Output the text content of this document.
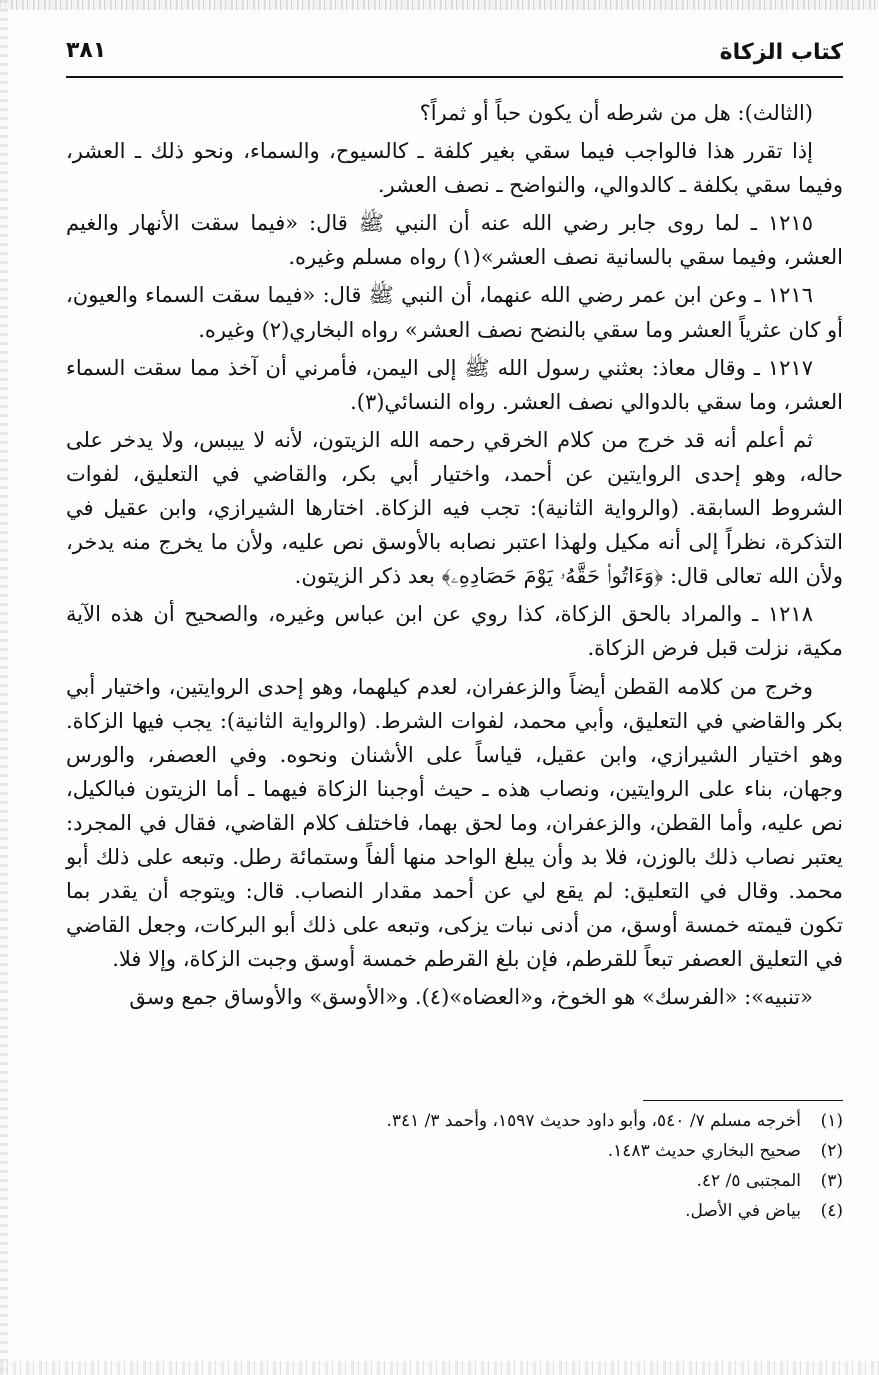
كتاب الزكاة
٣٨١

(الثالث): هل من شرطه أن يكون حباً أو ثمراً؟

إذا تقرر هذا فالواجب فيما سقي بغير كلفة ـ كالسيوح، والسماء، ونحو ذلك ـ العشر، وفيما سقي بكلفة ـ كالدوالي، والنواضح ـ نصف العشر.

١٢١٥ ـ لما روى جابر رضي الله عنه أن النبي ﷺ قال: «فيما سقت الأنهار والغيم العشر، وفيما سقي بالسانية نصف العشر»(١) رواه مسلم وغيره.

١٢١٦ ـ وعن ابن عمر رضي الله عنهما، أن النبي ﷺ قال: «فيما سقت السماء والعيون، أو كان عثرياً العشر وما سقي بالنضح نصف العشر» رواه البخاري(٢) وغيره.

١٢١٧ ـ وقال معاذ: بعثني رسول الله ﷺ إلى اليمن، فأمرني أن آخذ مما سقت السماء العشر، وما سقي بالدوالي نصف العشر. رواه النسائي(٣).

ثم أعلم أنه قد خرج من كلام الخرقي رحمه الله الزيتون، لأنه لا ييبس، ولا يدخر على حاله، وهو إحدى الروايتين عن أحمد، واختيار أبي بكر، والقاضي في التعليق، لفوات الشروط السابقة. (والرواية الثانية): تجب فيه الزكاة. اختارها الشيرازي، وابن عقيل في التذكرة، نظراً إلى أنه مكيل ولهذا اعتبر نصابه بالأوسق نص عليه، ولأن ما يخرج منه يدخر، ولأن الله تعالى قال: ﴿وَءَاتُوا۟ حَقَّهُۥ يَوْمَ حَصَادِهِۦ﴾ بعد ذكر الزيتون.

١٢١٨ ـ والمراد بالحق الزكاة، كذا روي عن ابن عباس وغيره، والصحيح أن هذه الآية مكية، نزلت قبل فرض الزكاة.

وخرج من كلامه القطن أيضاً والزعفران، لعدم كيلهما، وهو إحدى الروايتين، واختيار أبي بكر والقاضي في التعليق، وأبي محمد، لفوات الشرط. (والرواية الثانية): يجب فيها الزكاة. وهو اختيار الشيرازي، وابن عقيل، قياساً على الأشنان ونحوه. وفي العصفر، والورس وجهان، بناء على الروايتين، ونصاب هذه ـ حيث أوجبنا الزكاة فيهما ـ أما الزيتون فبالكيل، نص عليه، وأما القطن، والزعفران، وما لحق بهما، فاختلف كلام القاضي، فقال في المجرد: يعتبر نصاب ذلك بالوزن، فلا بد وأن يبلغ الواحد منها ألفاً وستمائة رطل. وتبعه على ذلك أبو محمد. وقال في التعليق: لم يقع لي عن أحمد مقدار النصاب. قال: ويتوجه أن يقدر بما تكون قيمته خمسة أوسق، من أدنى نبات يزكى، وتبعه على ذلك أبو البركات، وجعل القاضي في التعليق العصفر تبعاً للقرطم، فإن بلغ القرطم خمسة أوسق وجبت الزكاة، وإلا فلا.

«تنبيه»: «الفرسك» هو الخوخ، و«العضاه»(٤). و«الأوسق» والأوساق جمع وسق

(١)
أخرجه مسلم ٧/ ٥٤٠، وأبو داود حديث ١٥٩٧، وأحمد ٣/ ٣٤١.
(٢)
صحيح البخاري حديث ١٤٨٣.
(٣)
المجتبى ٥/ ٤٢.
(٤)
بياض في الأصل.
